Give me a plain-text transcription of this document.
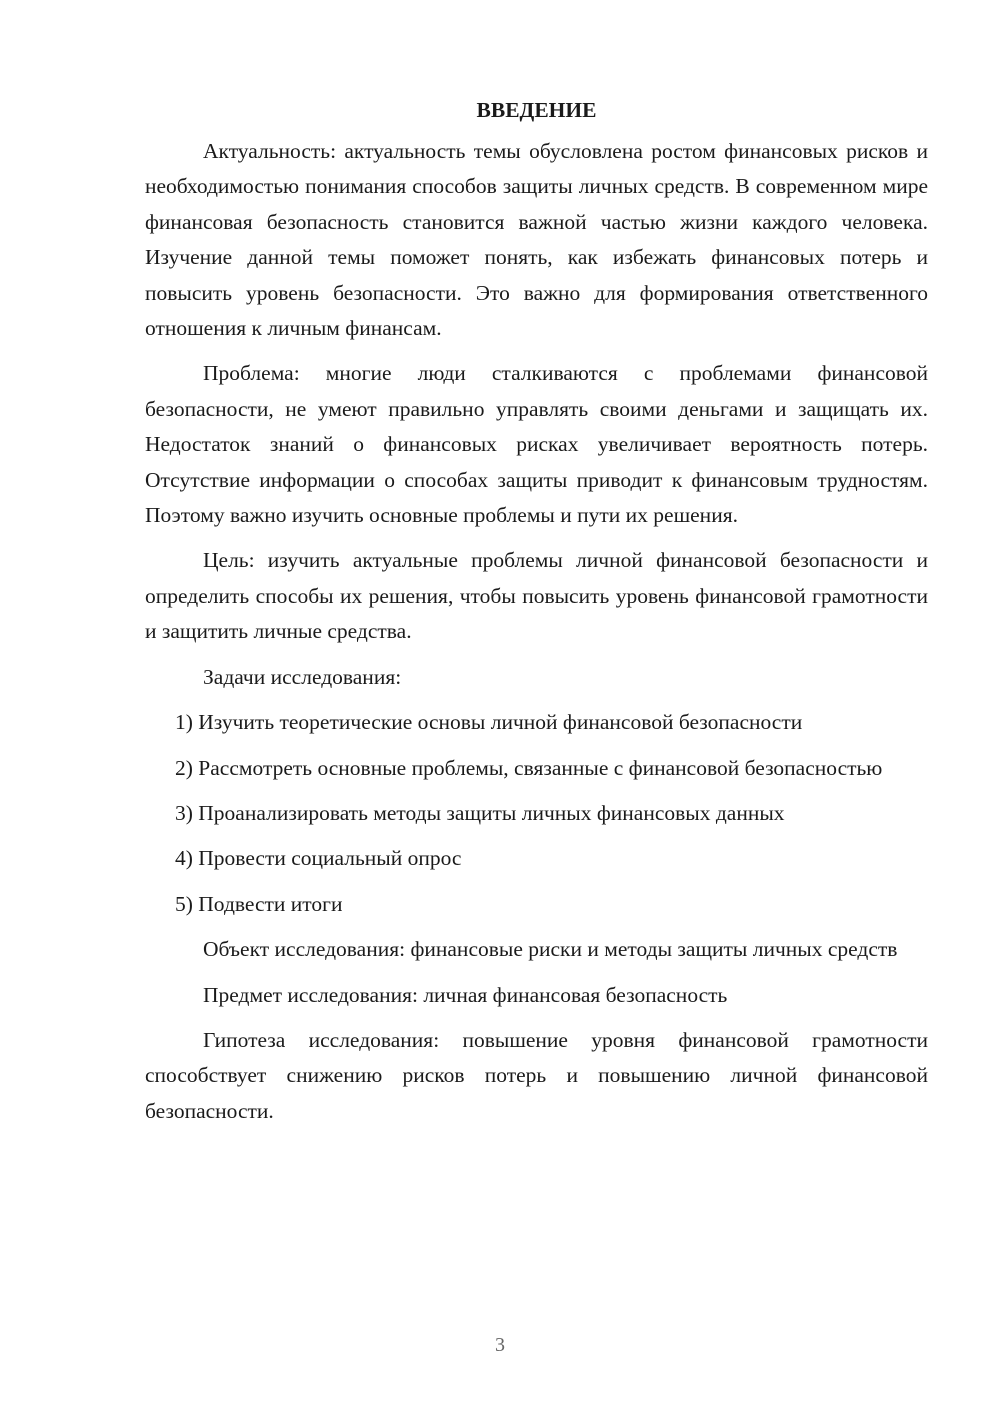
ВВЕДЕНИЕ

Актуальность: актуальность темы обусловлена ростом финансовых рисков и необходимостью понимания способов защиты личных средств. В современном мире финансовая безопасность становится важной частью жизни каждого человека. Изучение данной темы поможет понять, как избежать финансовых потерь и повысить уровень безопасности. Это важно для формирования ответственного отношения к личным финансам.

Проблема: многие люди сталкиваются с проблемами финансовой безопасности, не умеют правильно управлять своими деньгами и защищать их. Недостаток знаний о финансовых рисках увеличивает вероятность потерь. Отсутствие информации о способах защиты приводит к финансовым трудностям. Поэтому важно изучить основные проблемы и пути их решения.

Цель: изучить актуальные проблемы личной финансовой безопасности и определить способы их решения, чтобы повысить уровень финансовой грамотности и защитить личные средства.

Задачи исследования:

1) Изучить теоретические основы личной финансовой безопасности

2) Рассмотреть основные проблемы, связанные с финансовой безопасностью

3) Проанализировать методы защиты личных финансовых данных

4) Провести социальный опрос

5) Подвести итоги

Объект исследования: финансовые риски и методы защиты личных средств

Предмет исследования: личная финансовая безопасность

Гипотеза исследования: повышение уровня финансовой грамотности способствует снижению рисков потерь и повышению личной финансовой безопасности.

3
